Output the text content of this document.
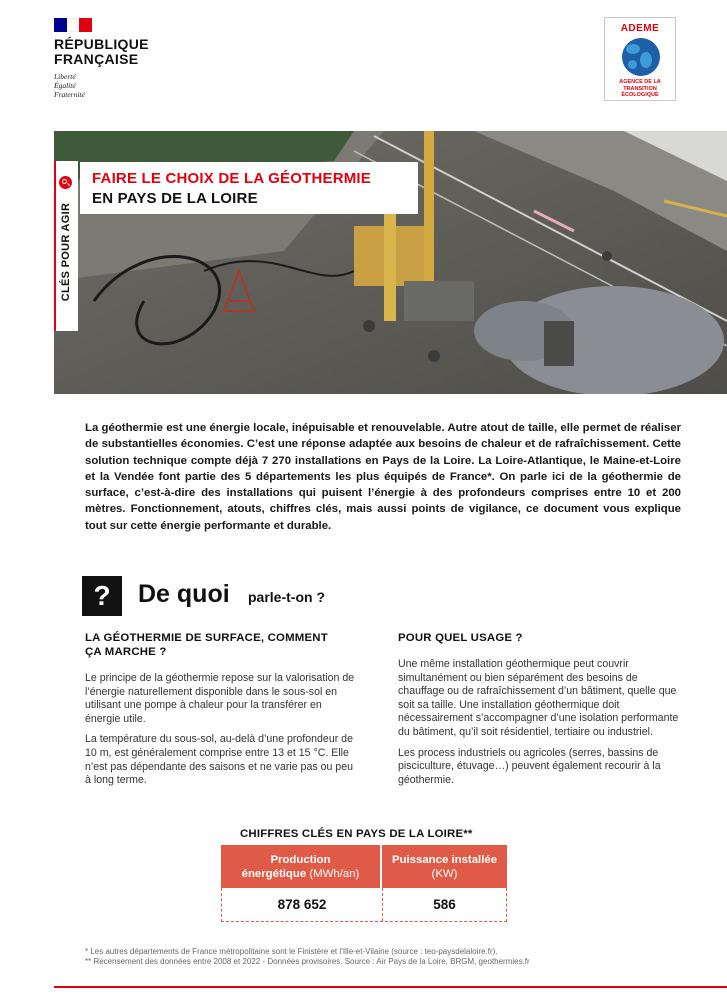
RÉPUBLIQUE
FRANÇAISE
Liberté
Égalité
Fraternité
ADEME
AGENCE DE LA
TRANSITION
ÉCOLOGIQUE
CLÉS POUR AGIR
FAIRE LE CHOIX DE LA GÉOTHERMIE
EN PAYS DE LA LOIRE
La géothermie est une énergie locale, inépuisable et renouvelable. Autre atout de taille, elle permet de réaliser de substantielles économies. C’est une réponse adaptée aux besoins de chaleur et de rafraîchissement. Cette solution technique compte déjà 7 270 installations en Pays de la Loire. La Loire-Atlantique, le Maine-et-Loire et la Vendée font partie des 5 départements les plus équipés de France*. On parle ici de la géothermie de surface, c’est-à-dire des installations qui puisent l’énergie à des profondeurs comprises entre 10 et 200 mètres. Fonctionnement, atouts, chiffres clés, mais aussi points de vigilance, ce document vous explique tout sur cette énergie performante et durable.
?	De quoi parle-t-on ?
LA GÉOTHERMIE DE SURFACE, COMMENT
ÇA MARCHE ?

Le principe de la géothermie repose sur la valorisation de l’énergie naturellement disponible dans le sous-sol en utilisant une pompe à chaleur pour la transférer en énergie utile.

La température du sous-sol, au-delà d’une profondeur de 10 m, est généralement comprise entre 13 et 15 °C. Elle n’est pas dépendante des saisons et ne varie pas ou peu à long terme.

POUR QUEL USAGE ?

Une même installation géothermique peut couvrir simultanément ou bien séparément des besoins de chauffage ou de rafraîchissement d’un bâtiment, quelle que soit sa taille. Une installation géothermique doit nécessairement s’accompagner d’une isolation performante du bâtiment, qu’il soit résidentiel, tertiaire ou industriel.

Les process industriels ou agricoles (serres, bassins de pisciculture, étuvage…) peuvent également recourir à la géothermie.

CHIFFRES CLÉS EN PAYS DE LA LOIRE**
Production
énergétique (MWh/an)
Puissance installée
(KW)
878 652	586
* Les autres départements de France métropolitaine sont le Finistère et l’Ille-et-Vilaine (source : teo-paysdelaloire.fr).
** Recensement des données entre 2008 et 2022 - Données provisoires. Source : Air Pays de la Loire, BRGM, geothermies.fr
